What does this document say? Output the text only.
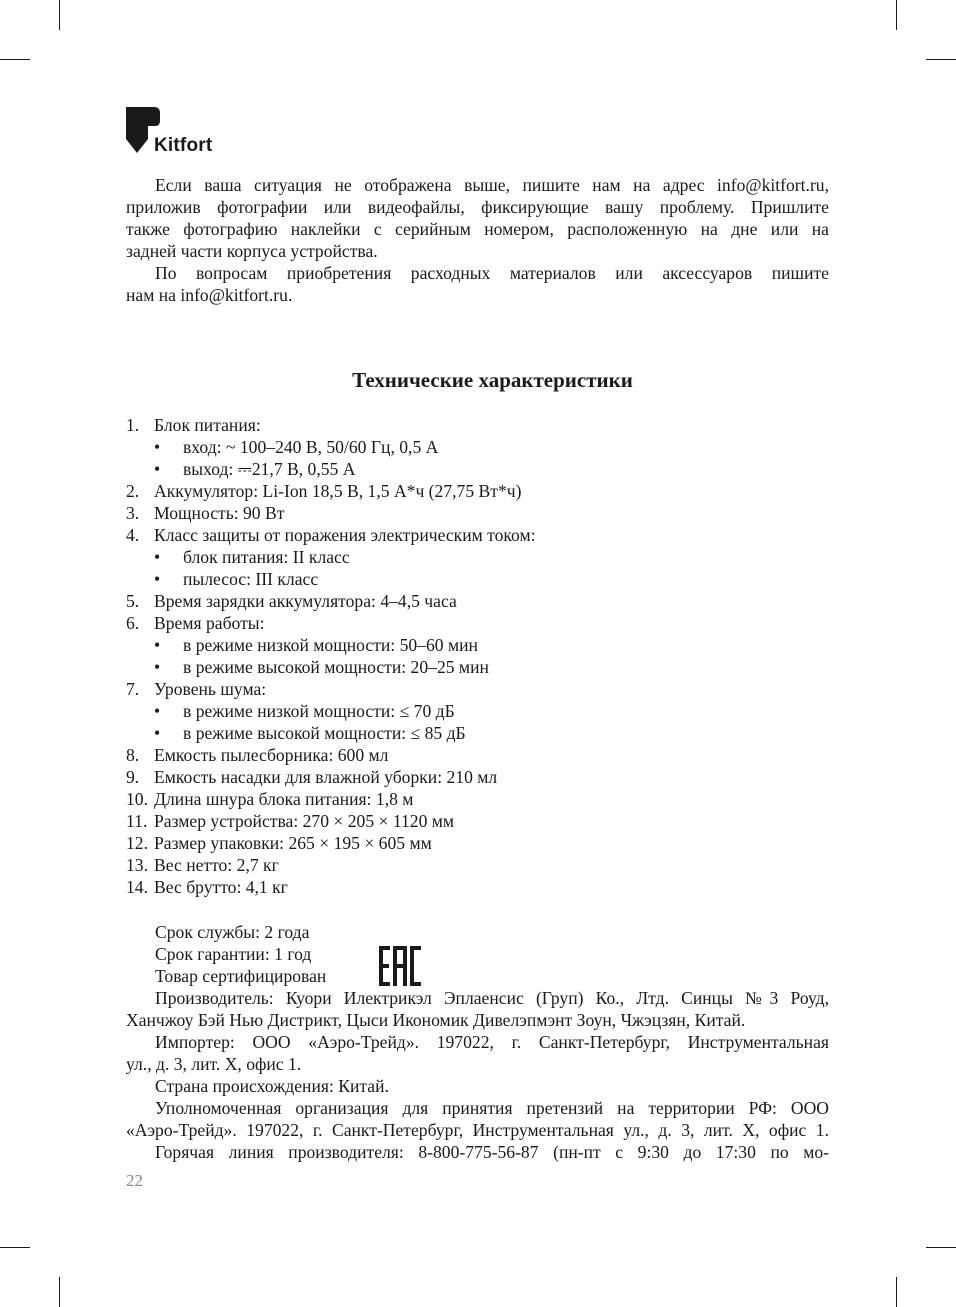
Kitfort
Если ваша ситуация не отображена выше, пишите нам на адрес info@kitfort.ru,
приложив фотографии или видеофайлы, фиксирующие вашу проблему. Пришлите
также фотографию наклейки с серийным номером, расположенную на дне или на
задней части корпуса устройства.
По вопросам приобретения расходных материалов или аксессуаров пишите
нам на info@kitfort.ru.
Технические характеристики
1. Блок питания:
• вход: ~ 100–240 В, 50/60 Гц, 0,5 А
• выход: ⎓21,7 В, 0,55 А
2. Аккумулятор: Li-Ion 18,5 В, 1,5 А*ч (27,75 Вт*ч)
3. Мощность: 90 Вт
4. Класс защиты от поражения электрическим током:
• блок питания: II класс
• пылесос: III класс
5. Время зарядки аккумулятора: 4–4,5 часа
6. Время работы:
• в режиме низкой мощности: 50–60 мин
• в режиме высокой мощности: 20–25 мин
7. Уровень шума:
• в режиме низкой мощности: ≤ 70 дБ
• в режиме высокой мощности: ≤ 85 дБ
8. Емкость пылесборника: 600 мл
9. Емкость насадки для влажной уборки: 210 мл
10. Длина шнура блока питания: 1,8 м
11. Размер устройства: 270 × 205 × 1120 мм
12. Размер упаковки: 265 × 195 × 605 мм
13. Вес нетто: 2,7 кг
14. Вес брутто: 4,1 кг
Срок службы: 2 года
Срок гарантии: 1 год
Товар сертифицирован
Производитель: Куори Илектрикэл Эплаенсис (Груп) Ко., Лтд. Синцы №3 Роуд,
Ханчжоу Бэй Нью Дистрикт, Цыси Икономик Дивелэпмэнт Зоун, Чжэцзян, Китай.
Импортер: ООО «Аэро-Трейд». 197022, г. Санкт-Петербург, Инструментальная
ул., д. 3, лит. Х, офис 1.
Страна происхождения: Китай.
Уполномоченная организация для принятия претензий на территории РФ: ООО
«Аэро-Трейд». 197022, г. Санкт-Петербург, Инструментальная ул., д. 3, лит. Х, офис 1.
Горячая линия производителя: 8-800-775-56-87 (пн-пт с 9:30 до 17:30 по мо-
22
